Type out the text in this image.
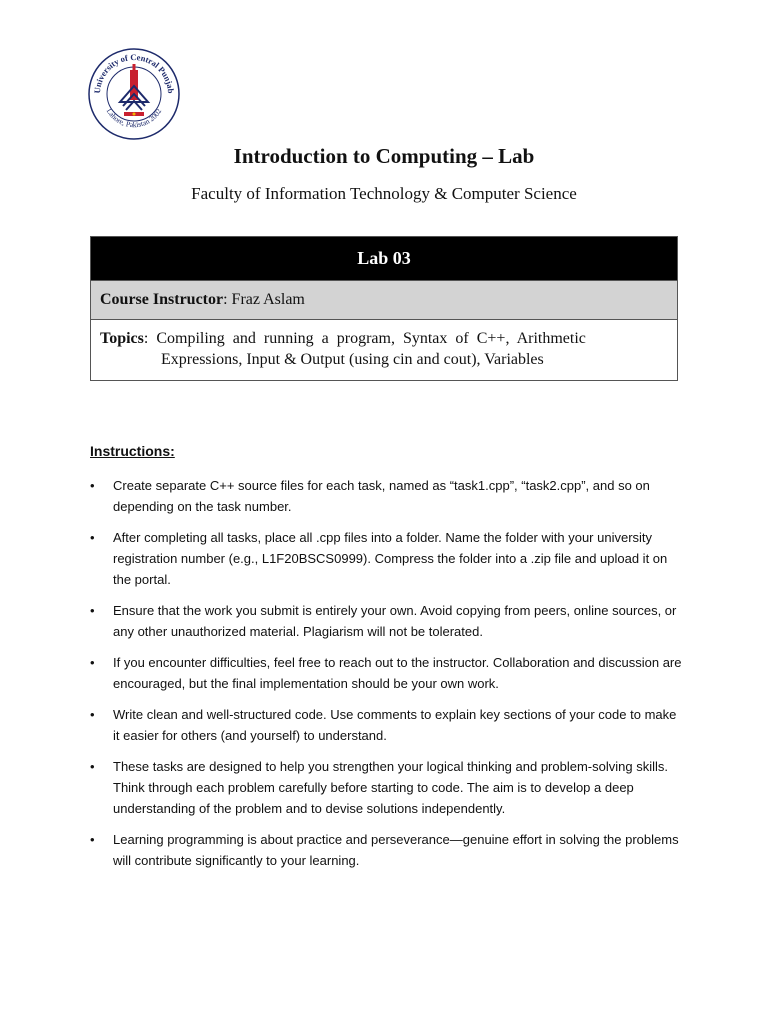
University of Central Punjab
Lahore, Pakistan 2002
Introduction to Computing – Lab
Faculty of Information Technology & Computer Science
Lab 03
Course Instructor: Fraz Aslam
Topics:  Compiling  and  running  a  program,  Syntax  of  C++,  Arithmetic
Expressions, Input & Output (using cin and cout), Variables
Instructions:
• Create separate C++ source files for each task, named as “task1.cpp”, “task2.cpp”, and so on depending on the task number.
• After completing all tasks, place all .cpp files into a folder. Name the folder with your university registration number (e.g., L1F20BSCS0999). Compress the folder into a .zip file and upload it on the portal.
• Ensure that the work you submit is entirely your own. Avoid copying from peers, online sources, or any other unauthorized material. Plagiarism will not be tolerated.
• If you encounter difficulties, feel free to reach out to the instructor. Collaboration and discussion are encouraged, but the final implementation should be your own work.
• Write clean and well-structured code. Use comments to explain key sections of your code to make it easier for others (and yourself) to understand.
• These tasks are designed to help you strengthen your logical thinking and problem-solving skills. Think through each problem carefully before starting to code. The aim is to develop a deep understanding of the problem and to devise solutions independently.
• Learning programming is about practice and perseverance—genuine effort in solving the problems will contribute significantly to your learning.
